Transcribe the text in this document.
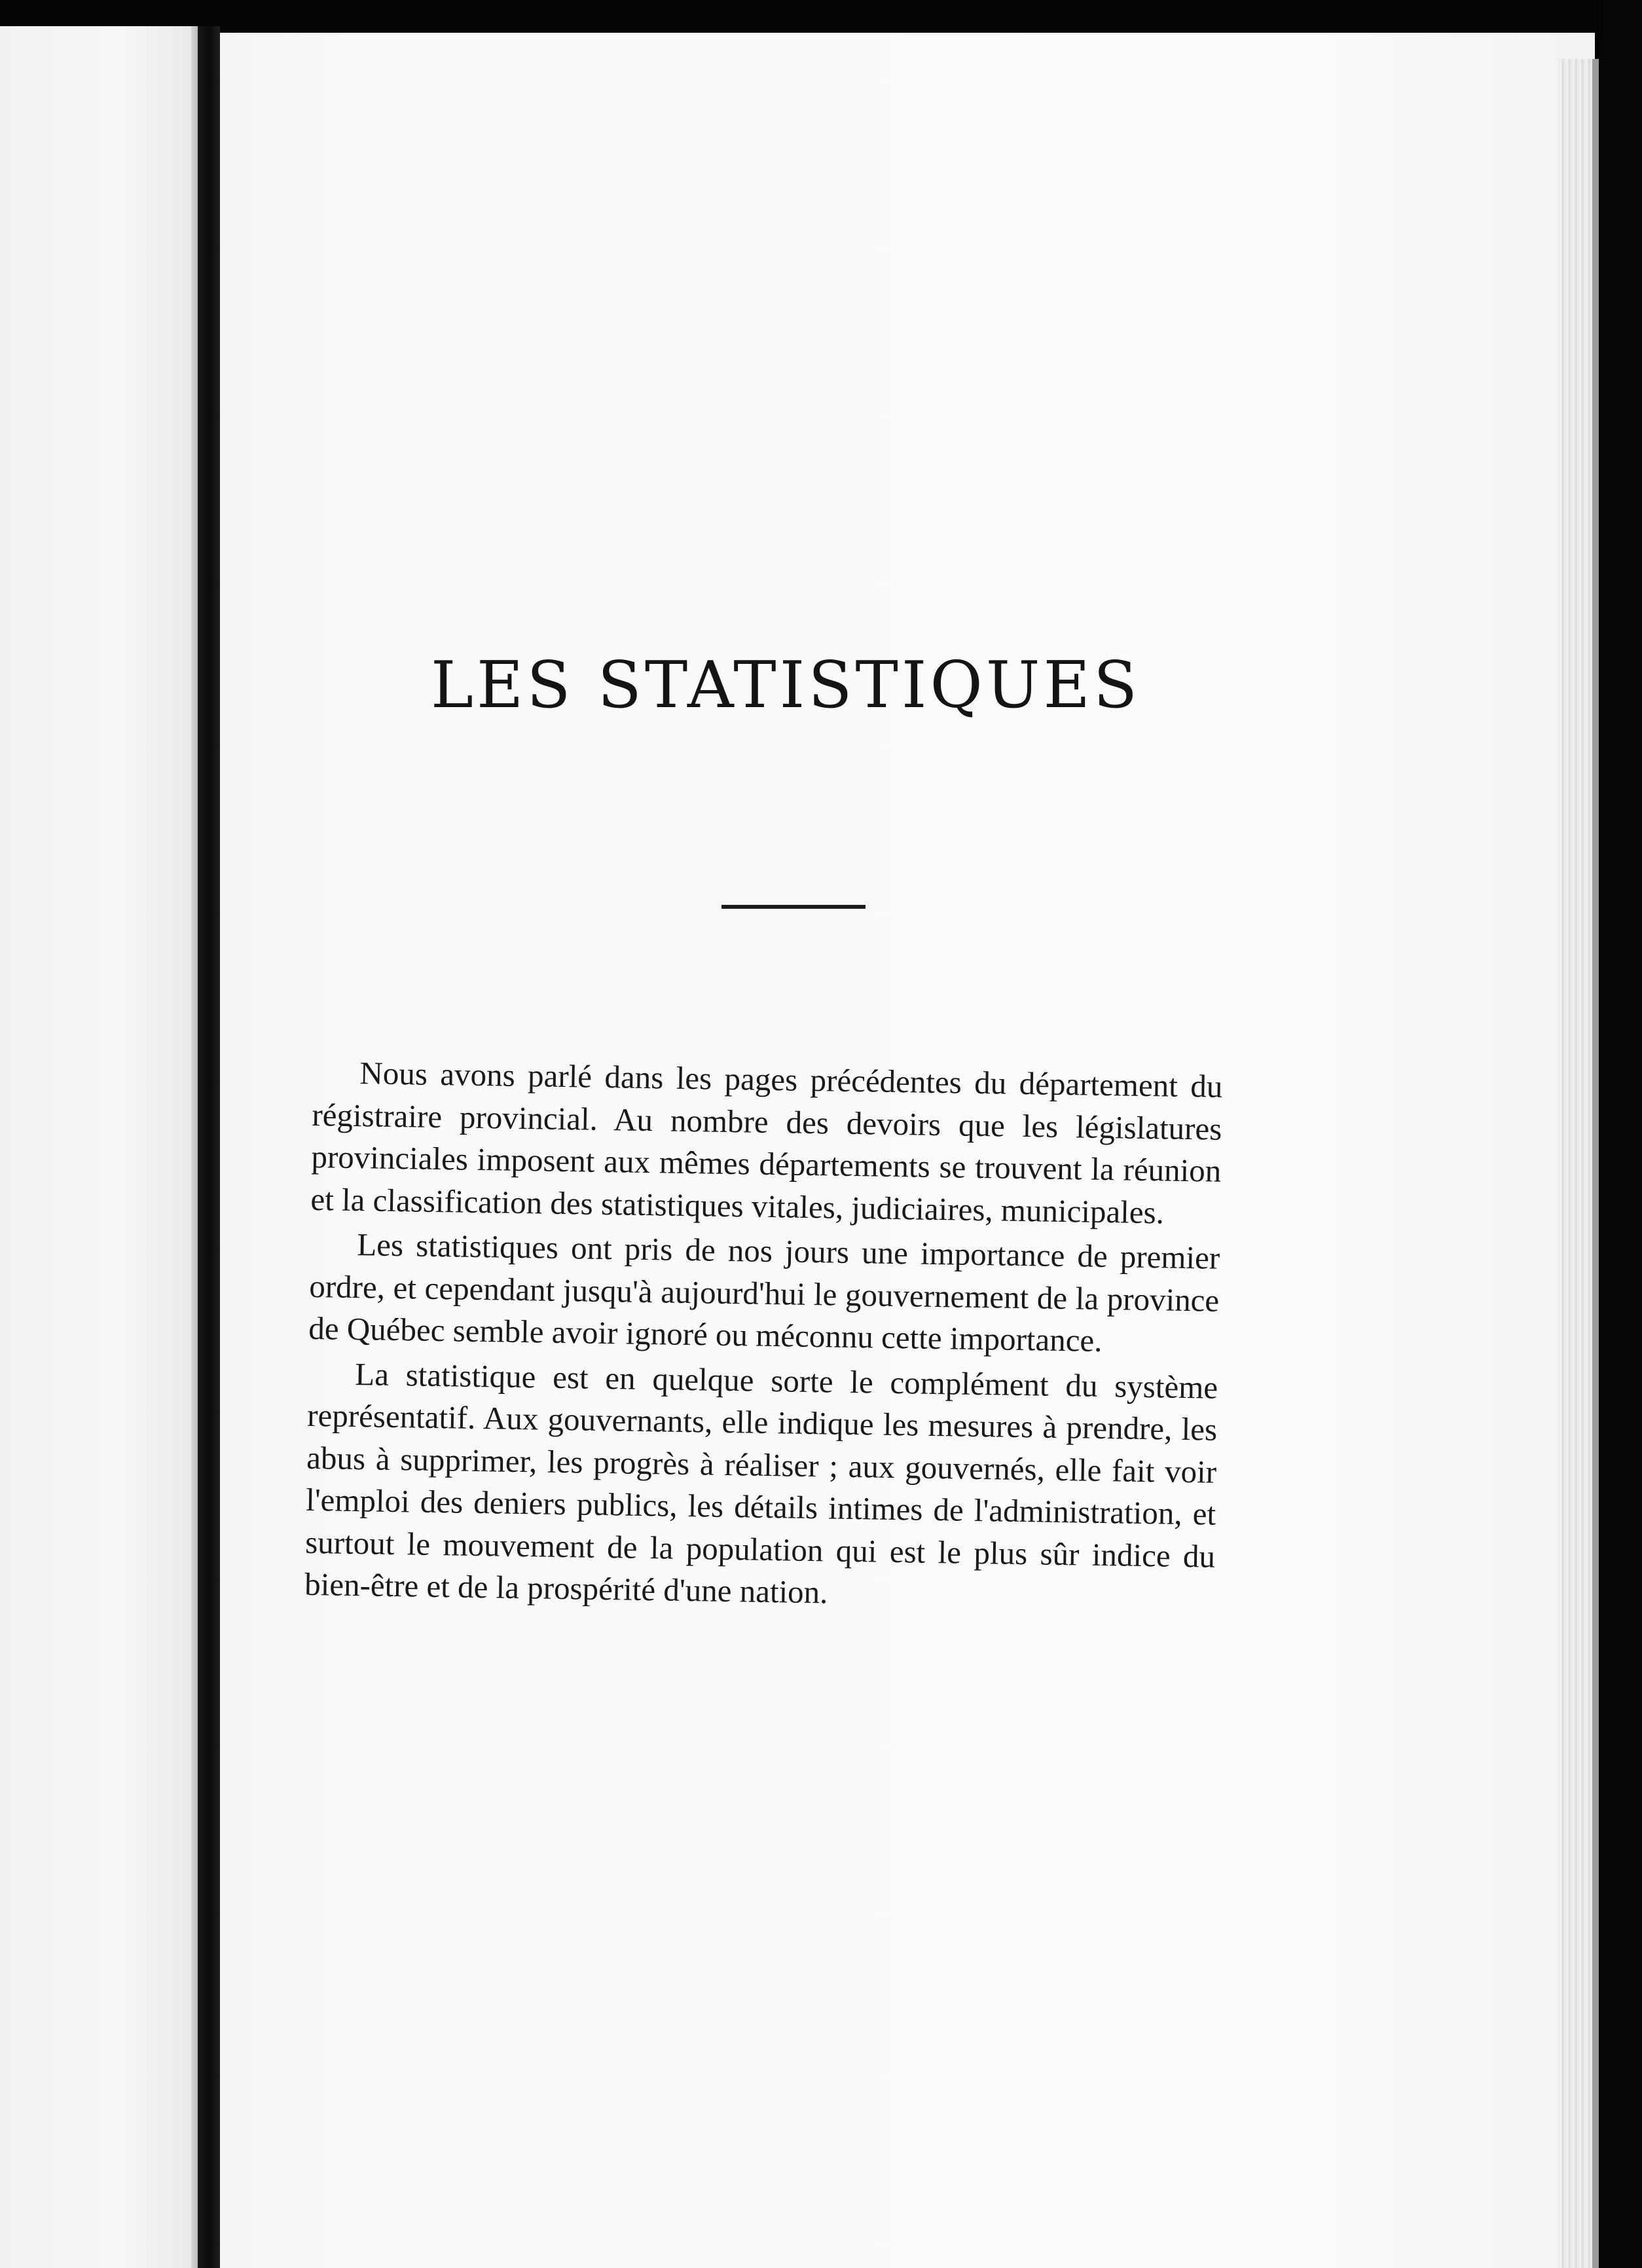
LES STATISTIQUES

Nous avons parlé dans les pages précédentes du département du régistraire provincial. Au nombre des devoirs que les législatures provinciales imposent aux mêmes départements se trouvent la réunion et la classification des statistiques vitales, judiciaires, municipales.

Les statistiques ont pris de nos jours une importance de premier ordre, et cependant jusqu'à aujourd'hui le gouvernement de la province de Québec semble avoir ignoré ou méconnu cette importance.

La statistique est en quelque sorte le complément du système représentatif. Aux gouvernants, elle indique les mesures à prendre, les abus à supprimer, les progrès à réaliser ; aux gouvernés, elle fait voir l'emploi des deniers publics, les détails intimes de l'administration, et surtout le mouvement de la population qui est le plus sûr indice du bien-être et de la prospérité d'une nation.
